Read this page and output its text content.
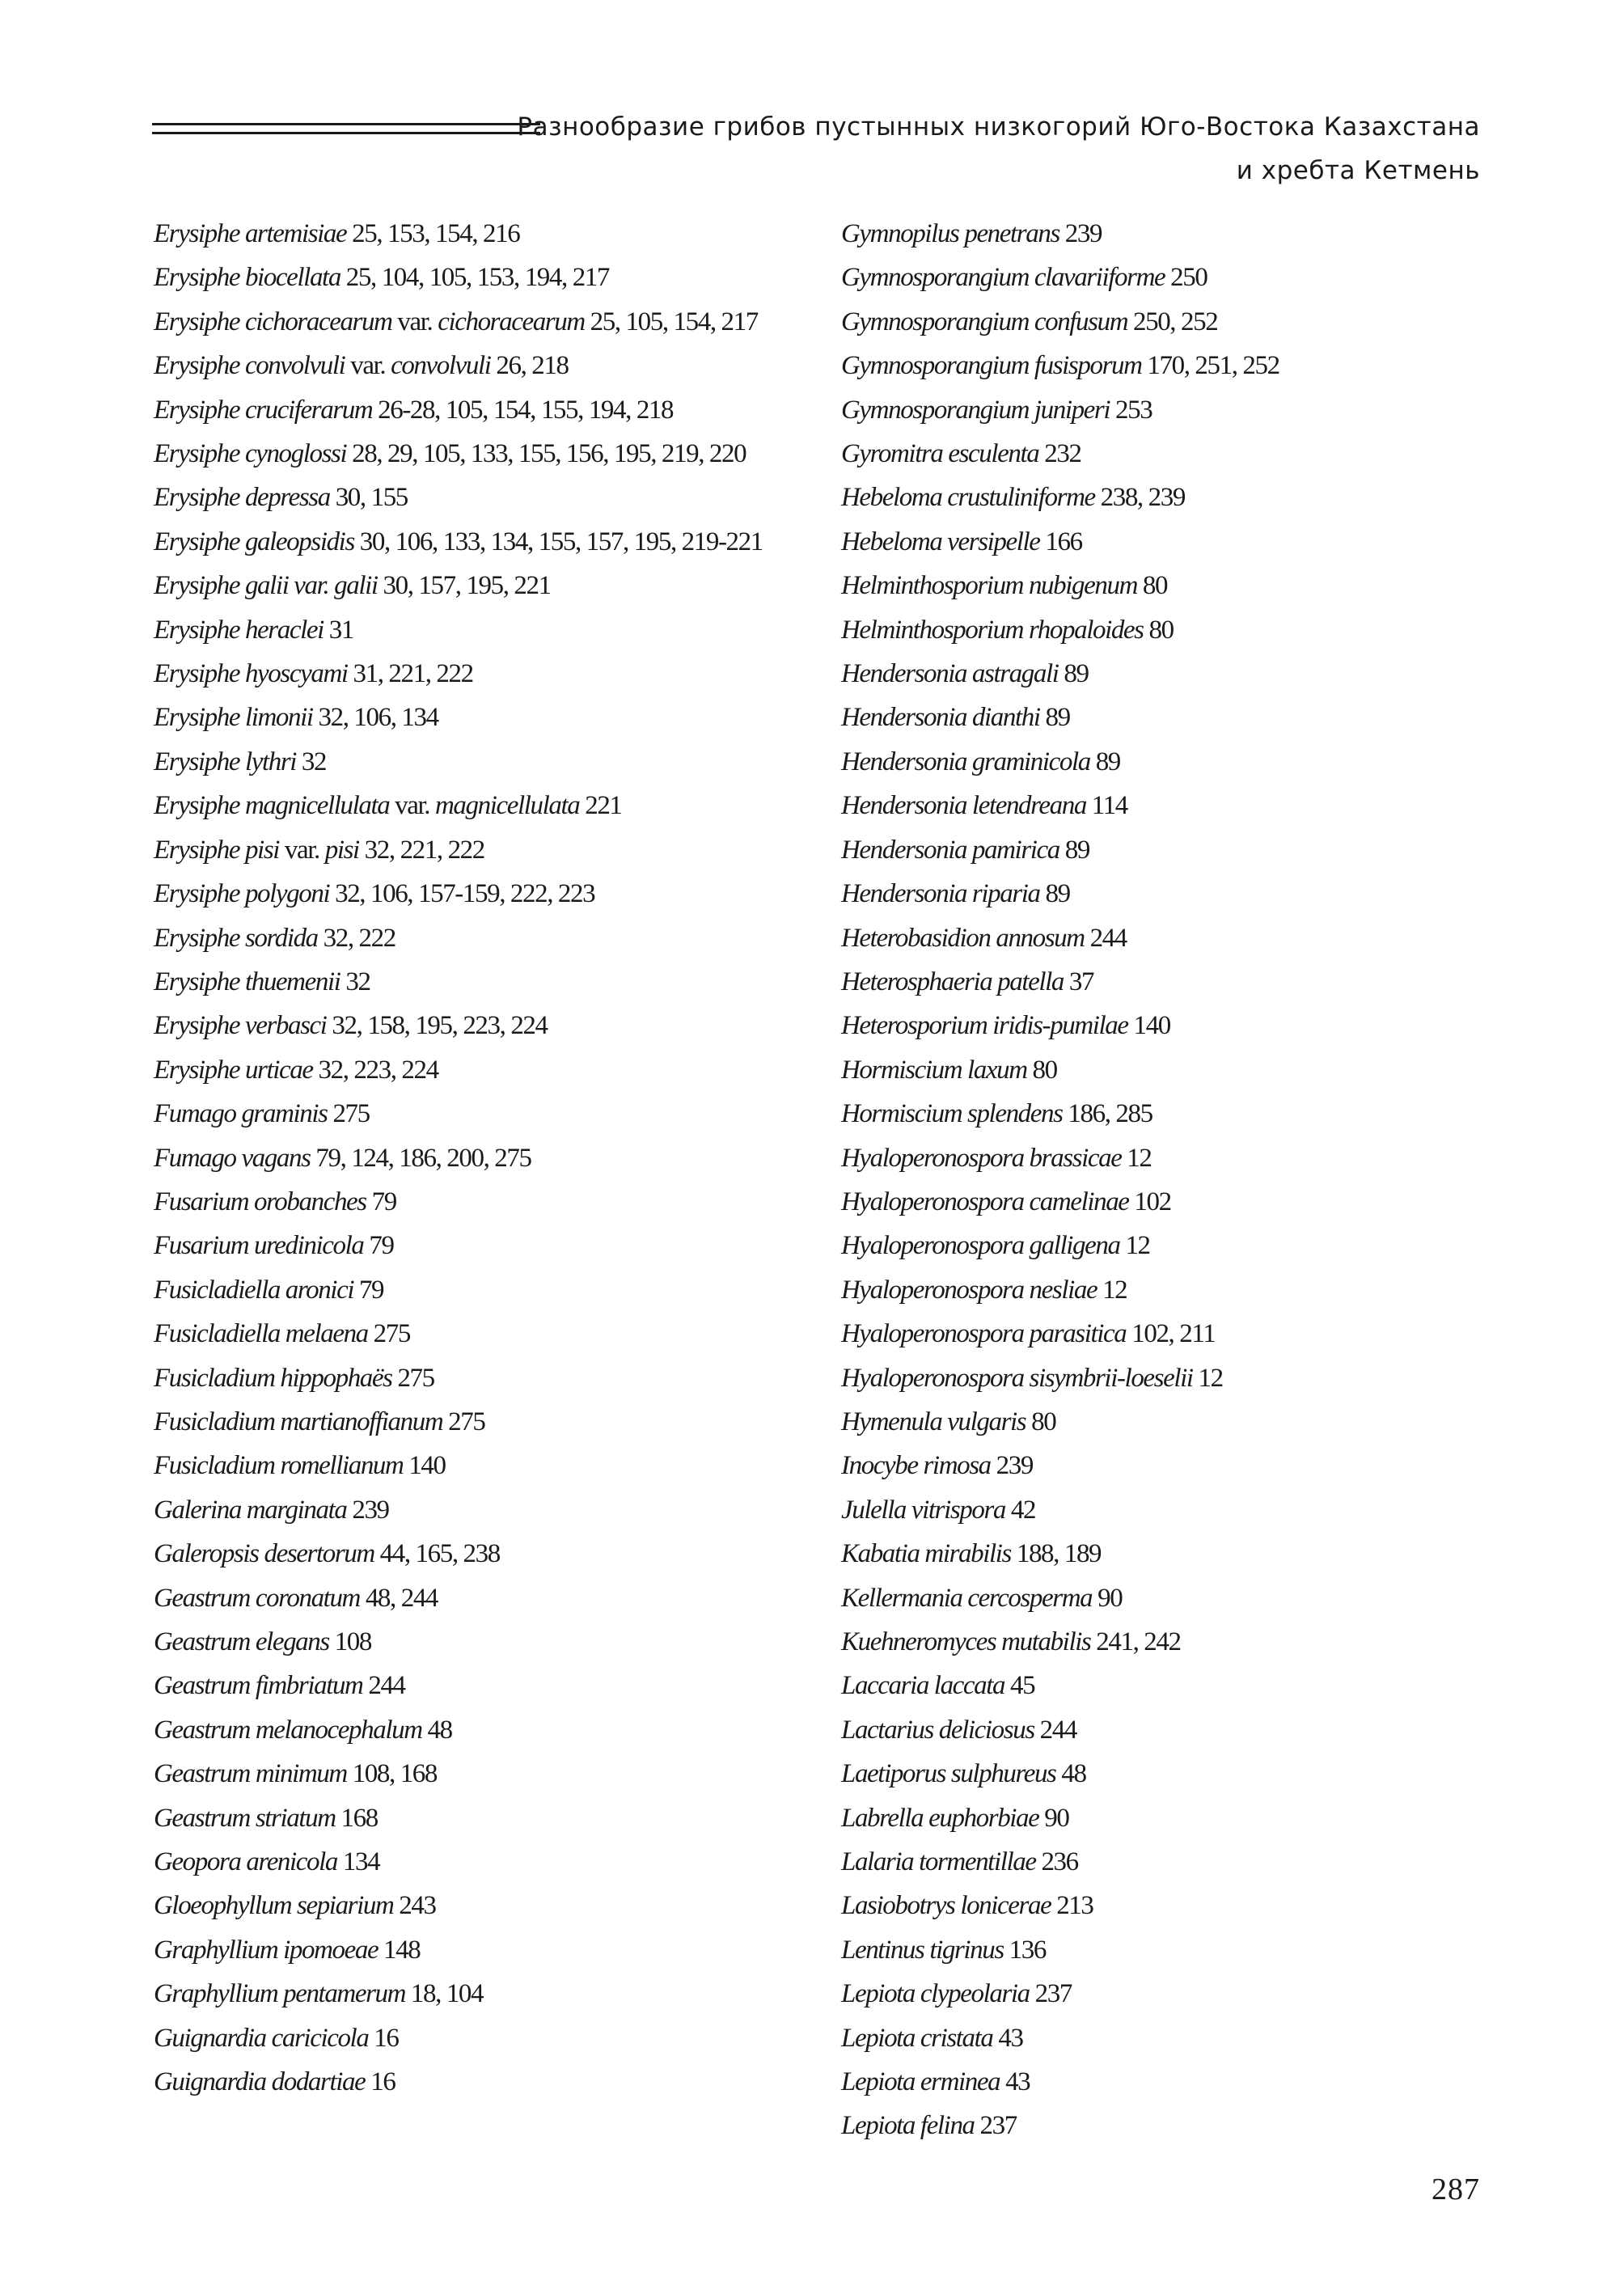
Разнообразие грибов пустынных низкогорий Юго-Востока Казахстана
и хребта Кетмень
Erysiphe artemisiae 25, 153, 154, 216
Erysiphe biocellata 25, 104, 105, 153, 194, 217
Erysiphe cichoracearum var. cichoracearum 25, 105, 154, 217
Erysiphe convolvuli var. convolvuli 26, 218
Erysiphe cruciferarum 26-28, 105, 154, 155, 194, 218
Erysiphe cynoglossi 28, 29, 105, 133, 155, 156, 195, 219, 220
Erysiphe depressa 30, 155
Erysiphe galeopsidis 30, 106, 133, 134, 155, 157, 195, 219-221
Erysiphe galii var. galii 30, 157, 195, 221
Erysiphe heraclei 31
Erysiphe hyoscyami 31, 221, 222
Erysiphe limonii 32, 106, 134
Erysiphe lythri 32
Erysiphe magnicellulata var. magnicellulata 221
Erysiphe pisi var. pisi 32, 221, 222
Erysiphe polygoni 32, 106, 157-159, 222, 223
Erysiphe sordida 32, 222
Erysiphe thuemenii 32
Erysiphe verbasci 32, 158, 195, 223, 224
Erysiphe urticae 32, 223, 224
Fumago graminis 275
Fumago vagans 79, 124, 186, 200, 275
Fusarium orobanches 79
Fusarium uredinicola 79
Fusicladiella aronici 79
Fusicladiella melaena 275
Fusicladium hippophaës 275
Fusicladium martianoffianum 275
Fusicladium romellianum 140
Galerina marginata 239
Galeropsis desertorum 44, 165, 238
Geastrum coronatum 48, 244
Geastrum elegans 108
Geastrum fimbriatum 244
Geastrum melanocephalum 48
Geastrum minimum 108, 168
Geastrum striatum 168
Geopora arenicola 134
Gloeophyllum sepiarium 243
Graphyllium ipomoeae 148
Graphyllium pentamerum 18, 104
Guignardia caricicola 16
Guignardia dodartiae 16
Gymnopilus penetrans 239
Gymnosporangium clavariiforme 250
Gymnosporangium confusum 250, 252
Gymnosporangium fusisporum 170, 251, 252
Gymnosporangium juniperi 253
Gyromitra esculenta 232
Hebeloma crustuliniforme 238, 239
Hebeloma versipelle 166
Helminthosporium nubigenum 80
Helminthosporium rhopaloides 80
Hendersonia astragali 89
Hendersonia dianthi 89
Hendersonia graminicola 89
Hendersonia letendreana 114
Hendersonia pamirica 89
Hendersonia riparia 89
Heterobasidion annosum 244
Heterosphaeria patella 37
Heterosporium iridis-pumilae 140
Hormiscium laxum 80
Hormiscium splendens 186, 285
Hyaloperonospora brassicae 12
Hyaloperonospora camelinae 102
Hyaloperonospora galligena 12
Hyaloperonospora nesliae 12
Hyaloperonospora parasitica 102, 211
Hyaloperonospora sisymbrii-loeselii 12
Hymenula vulgaris 80
Inocybe rimosa 239
Julella vitrispora 42
Kabatia mirabilis 188, 189
Kellermania cercosperma 90
Kuehneromyces mutabilis 241, 242
Laccaria laccata 45
Lactarius deliciosus 244
Laetiporus sulphureus 48
Labrella euphorbiae 90
Lalaria tormentillae 236
Lasiobotrys lonicerae 213
Lentinus tigrinus 136
Lepiota clypeolaria 237
Lepiota cristata 43
Lepiota erminea 43
Lepiota felina 237
287
